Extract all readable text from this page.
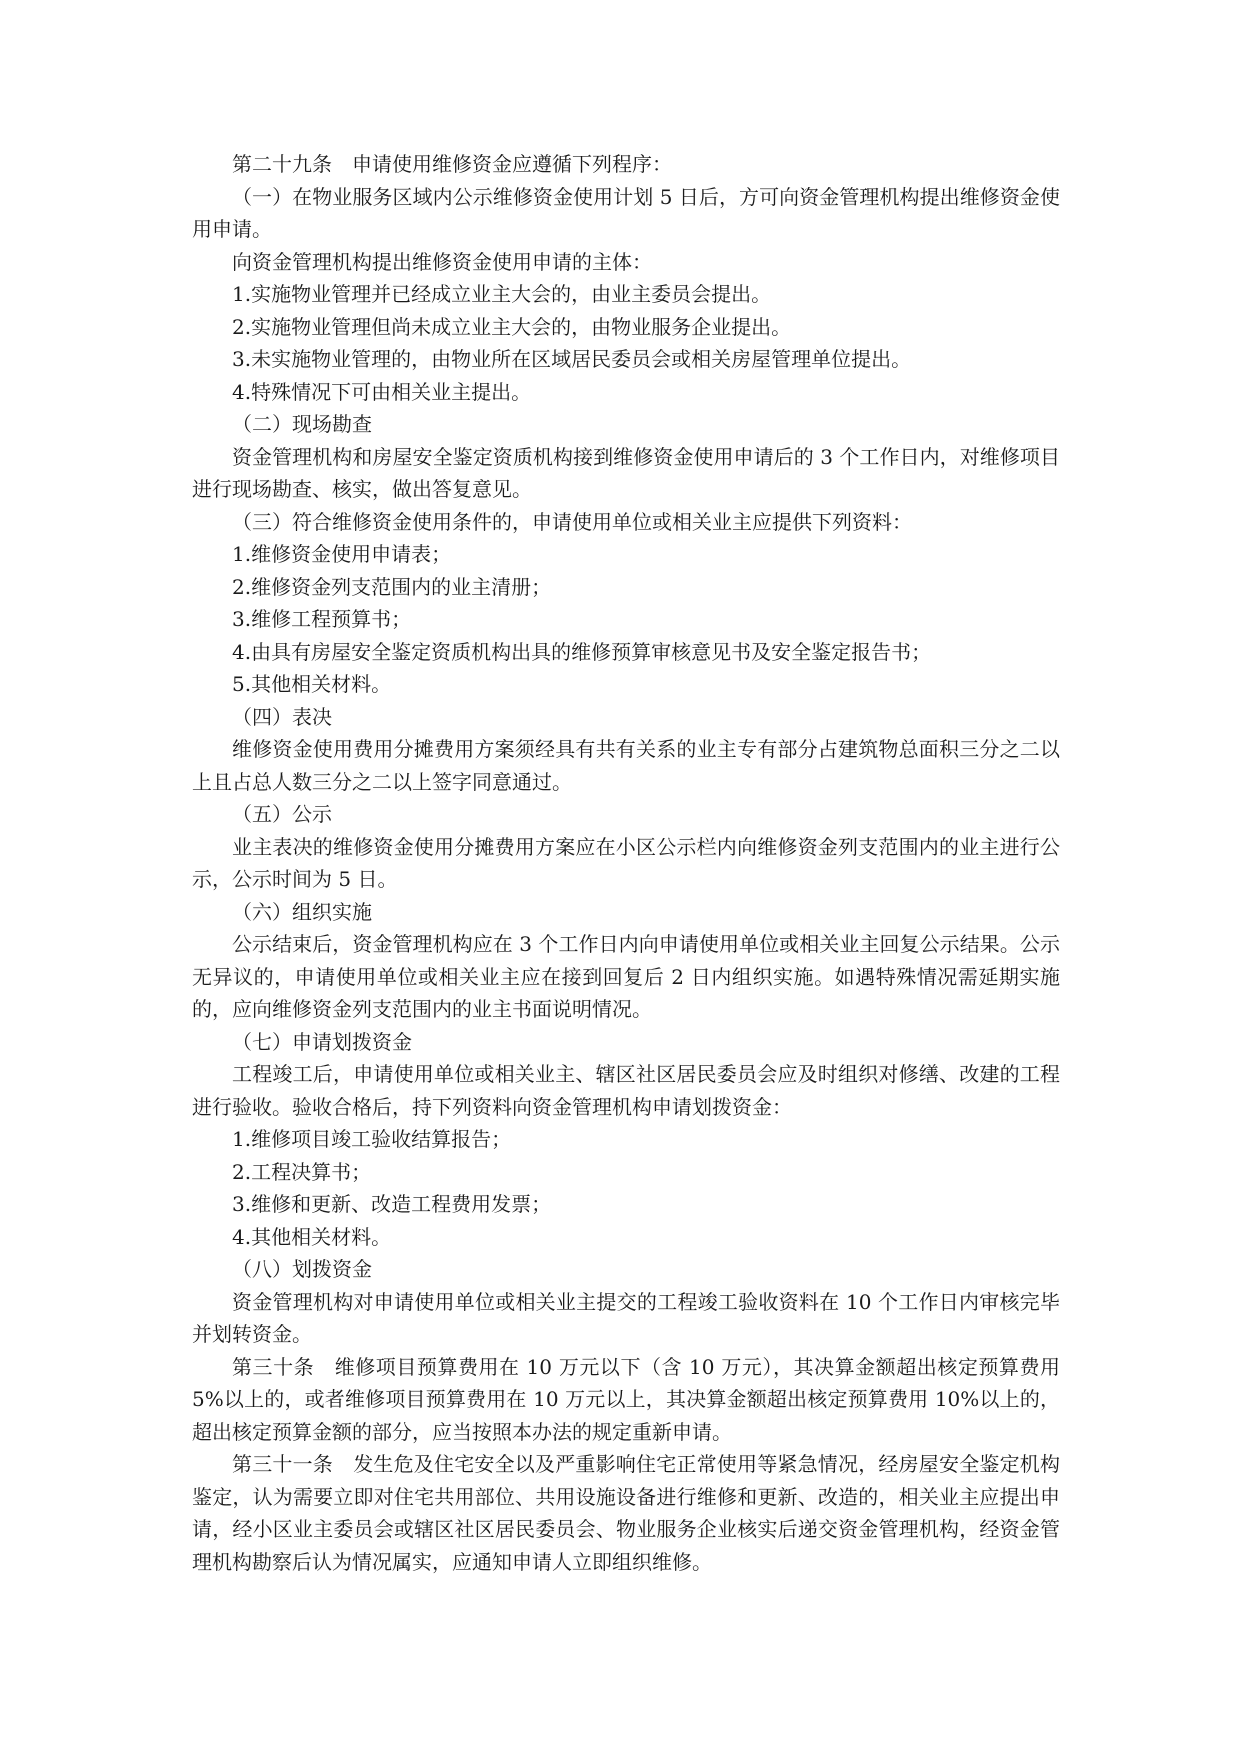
第二十九条　申请使用维修资金应遵循下列程序：

（一）在物业服务区域内公示维修资金使用计划 5 日后，方可向资金管理机构提出维修资金使用申请。

向资金管理机构提出维修资金使用申请的主体：

1.实施物业管理并已经成立业主大会的，由业主委员会提出。

2.实施物业管理但尚未成立业主大会的，由物业服务企业提出。

3.未实施物业管理的，由物业所在区域居民委员会或相关房屋管理单位提出。

4.特殊情况下可由相关业主提出。

（二）现场勘查

资金管理机构和房屋安全鉴定资质机构接到维修资金使用申请后的 3 个工作日内，对维修项目进行现场勘查、核实，做出答复意见。

（三）符合维修资金使用条件的，申请使用单位或相关业主应提供下列资料：

1.维修资金使用申请表；

2.维修资金列支范围内的业主清册；

3.维修工程预算书；

4.由具有房屋安全鉴定资质机构出具的维修预算审核意见书及安全鉴定报告书；

5.其他相关材料。

（四）表决

维修资金使用费用分摊费用方案须经具有共有关系的业主专有部分占建筑物总面积三分之二以上且占总人数三分之二以上签字同意通过。

（五）公示

业主表决的维修资金使用分摊费用方案应在小区公示栏内向维修资金列支范围内的业主进行公示，公示时间为 5 日。

（六）组织实施

公示结束后，资金管理机构应在 3 个工作日内向申请使用单位或相关业主回复公示结果。公示无异议的，申请使用单位或相关业主应在接到回复后 2 日内组织实施。如遇特殊情况需延期实施的，应向维修资金列支范围内的业主书面说明情况。

（七）申请划拨资金

工程竣工后，申请使用单位或相关业主、辖区社区居民委员会应及时组织对修缮、改建的工程进行验收。验收合格后，持下列资料向资金管理机构申请划拨资金：

1.维修项目竣工验收结算报告；

2.工程决算书；

3.维修和更新、改造工程费用发票；

4.其他相关材料。

（八）划拨资金

资金管理机构对申请使用单位或相关业主提交的工程竣工验收资料在 10 个工作日内审核完毕并划转资金。

第三十条　维修项目预算费用在 10 万元以下（含 10 万元），其决算金额超出核定预算费用 5%以上的，或者维修项目预算费用在 10 万元以上，其决算金额超出核定预算费用 10%以上的，超出核定预算金额的部分，应当按照本办法的规定重新申请。

第三十一条　发生危及住宅安全以及严重影响住宅正常使用等紧急情况，经房屋安全鉴定机构鉴定，认为需要立即对住宅共用部位、共用设施设备进行维修和更新、改造的，相关业主应提出申请，经小区业主委员会或辖区社区居民委员会、物业服务企业核实后递交资金管理机构，经资金管理机构勘察后认为情况属实，应通知申请人立即组织维修。
